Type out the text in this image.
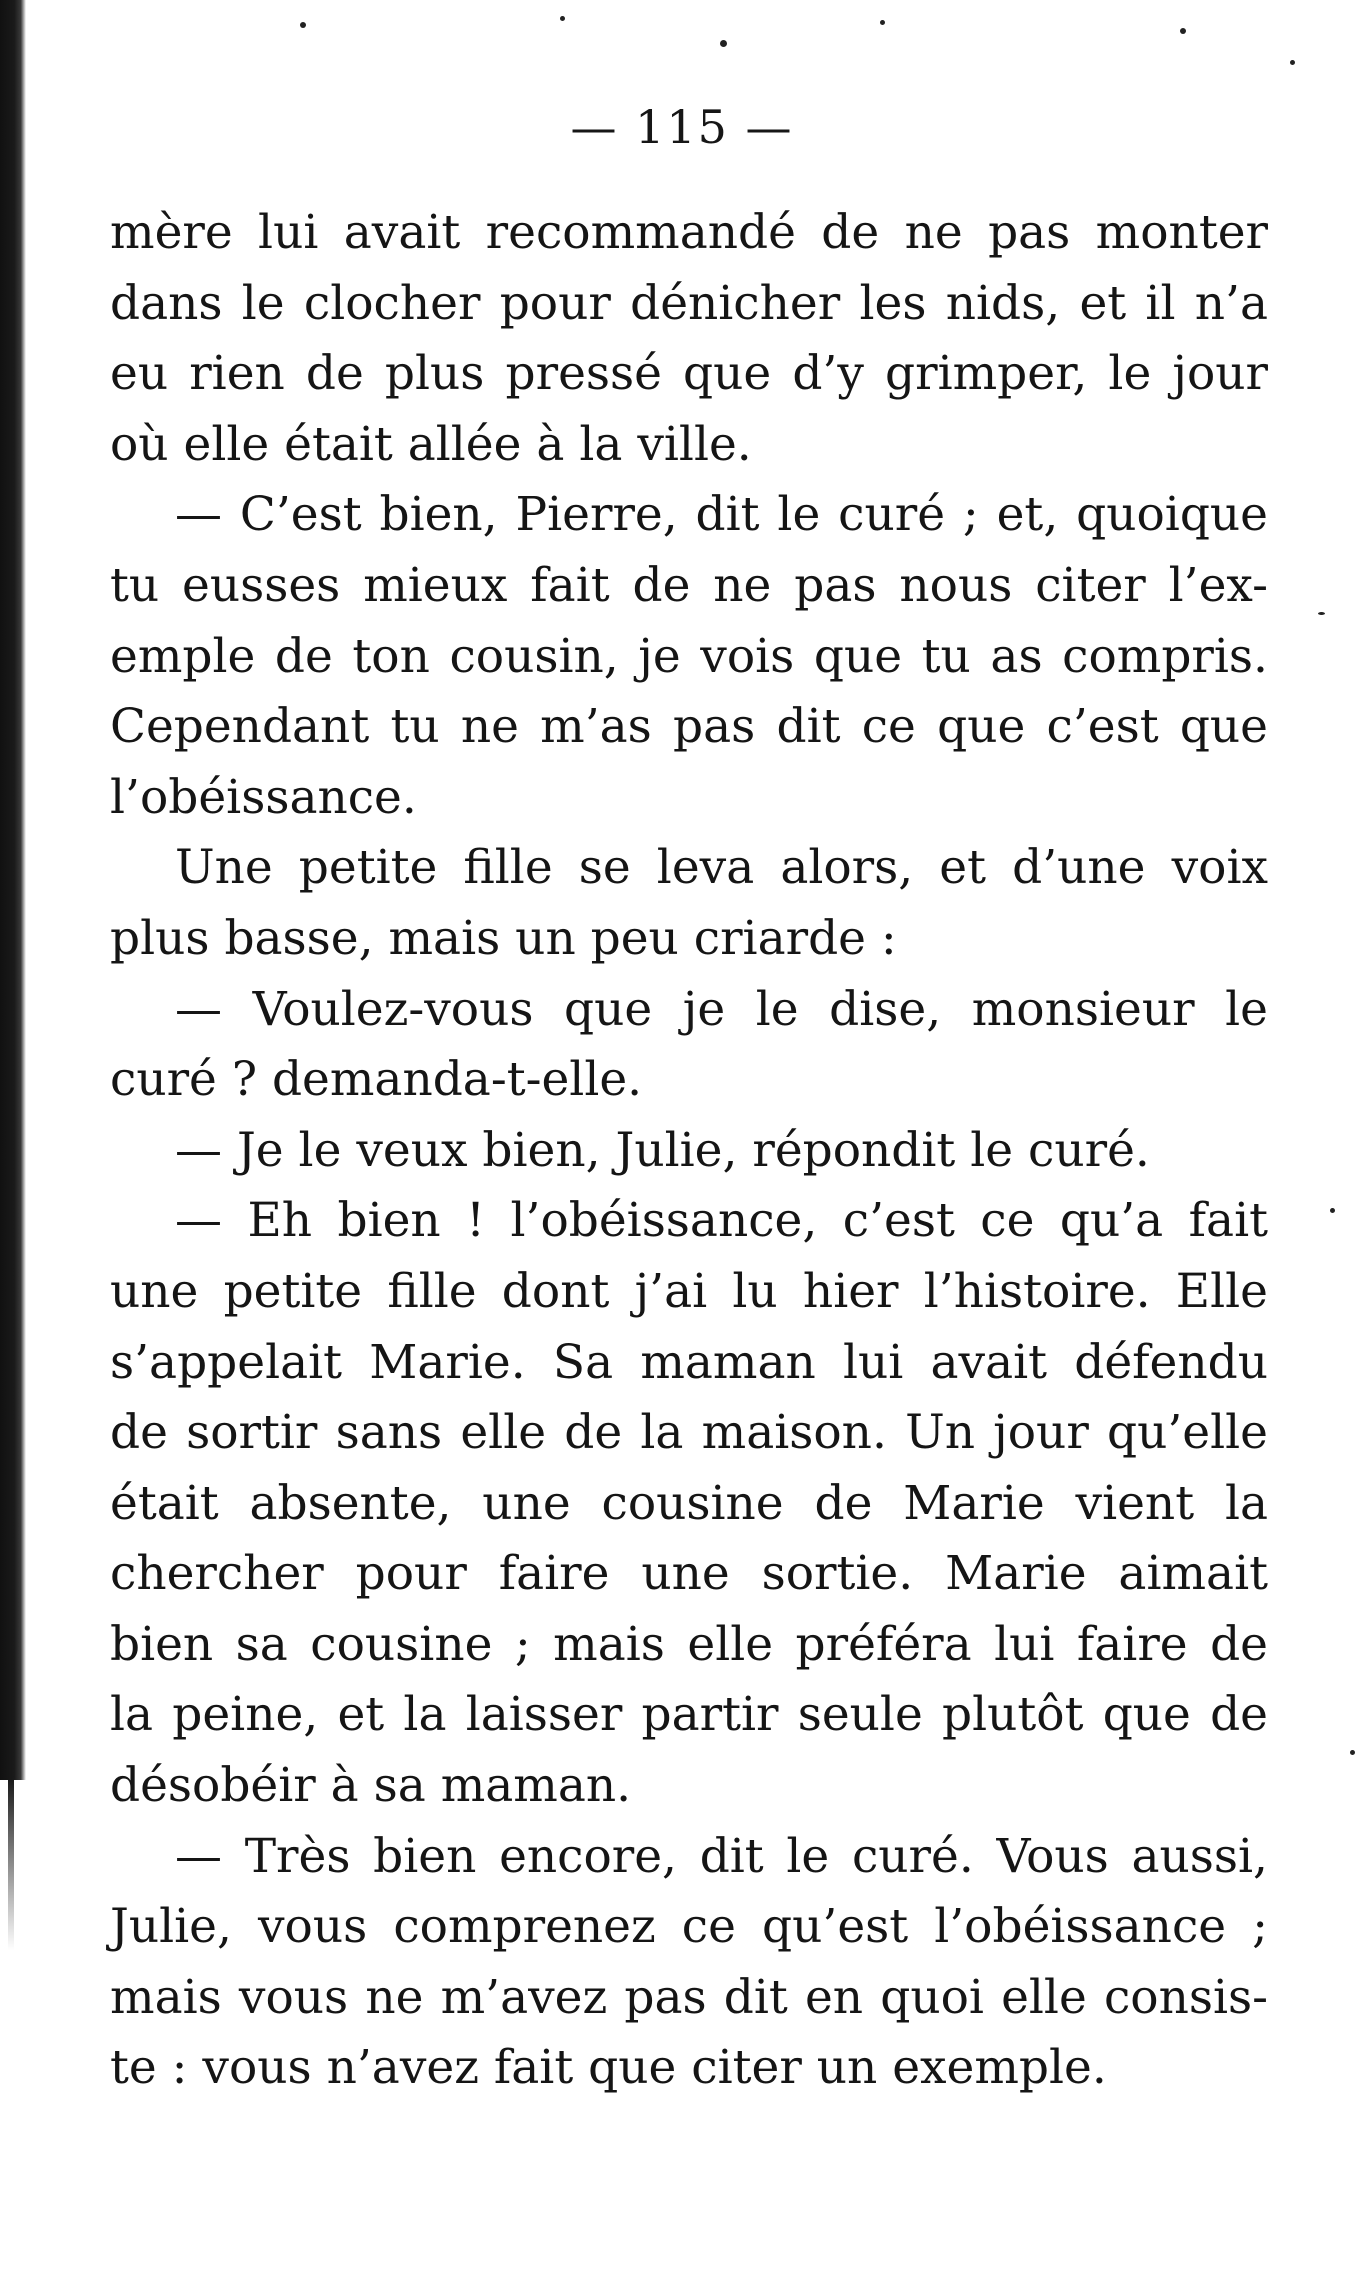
— 115 —
mère lui avait recommandé de ne pas monter
dans le clocher pour dénicher les nids, et il n’a
eu rien de plus pressé que d’y grimper, le jour
où elle était allée à la ville.
— C’est bien, Pierre, dit le curé ; et, quoique
tu eusses mieux fait de ne pas nous citer l’ex-
emple de ton cousin, je vois que tu as compris.
Cependant tu ne m’as pas dit ce que c’est que
l’obéissance.
Une petite fille se leva alors, et d’une voix
plus basse, mais un peu criarde :
— Voulez-vous que je le dise, monsieur le
curé ? demanda-t-elle.
— Je le veux bien, Julie, répondit le curé.
— Eh bien ! l’obéissance, c’est ce qu’a fait
une petite fille dont j’ai lu hier l’histoire. Elle
s’appelait Marie. Sa maman lui avait défendu
de sortir sans elle de la maison. Un jour qu’elle
était absente, une cousine de Marie vient la
chercher pour faire une sortie. Marie aimait
bien sa cousine ; mais elle préféra lui faire de
la peine, et la laisser partir seule plutôt que de
désobéir à sa maman.
— Très bien encore, dit le curé. Vous aussi,
Julie, vous comprenez ce qu’est l’obéissance ;
mais vous ne m’avez pas dit en quoi elle consis-
te : vous n’avez fait que citer un exemple.
